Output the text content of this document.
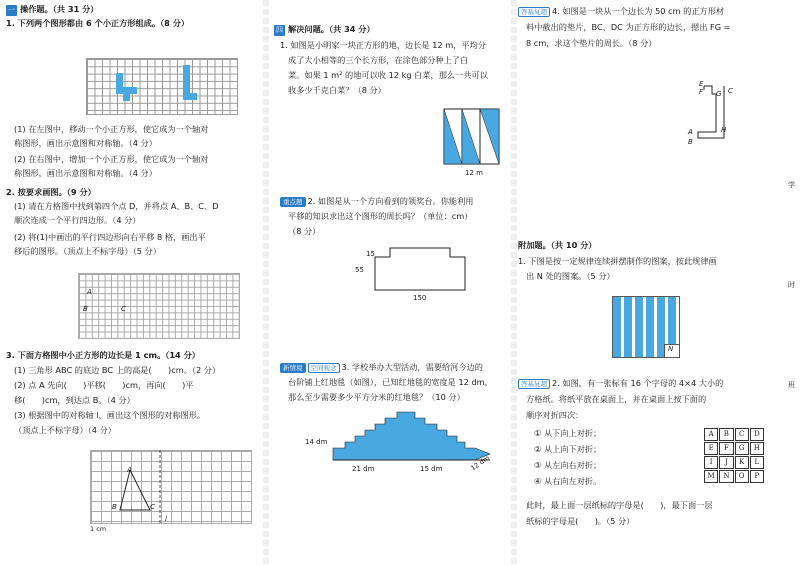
一 操作题。（共 31 分）
1. 下列两个图形都由 6 个小正方形组成。（8 分）
(1) 在左图中，移动一个小正方形，使它成为一个轴对
称图形，画出示意图和对称轴。（4 分）
(2) 在右图中，增加一个小正方形，使它成为一个轴对
称图形，画出示意图和对称轴。（4 分）
2. 按要求画图。（9 分）
(1) 请在方格图中找到第四个点 D，并将点 A、B、C、D
顺次连成一个平行四边形。（4 分）
(2) 将(1)中画出的平行四边形向右平移 8 格，画出平
移后的图形。（顶点上不标字母）（5 分）
A
B	C
3. 下面方格图中小正方形的边长是 1 cm。（14 分）
(1) 三角形 ABC 的底边 BC 上的高是(　　)cm。（2 分）
(2) 点 A 先向(　　)平移(　　)cm，再向(　　)平
移(　　)cm，到达点 B。（4 分）
(3) 根据图中的对称轴 l，画出这个图形的对称图形。
（顶点上不标字母）（4 分）
A
B	C
l
1 cm
四 解决问题。（共 34 分）
1. 如图是小明家一块正方形的地，边长是 12 m，平均分
成了大小相等的三个长方形，在涂色部分种上了白
菜。如果 1 m² 的地可以收 12 kg 白菜，那么一共可以
收多少千克白菜？（8 分）
12 m
重点题 2. 如图是从一个方向看到的领奖台。你能利用
平移的知识求出这个图形的周长吗？（单位：cm）
（8 分）
15
55
150
新情境 空间观念 3. 学校举办大型活动，需要给河今边的
台阶铺上红地毯（如图），已知红地毯的宽度是 12 dm，
那么至少需要多少平方分米的红地毯？（10 分）
14 dm
21 dm	15 dm	12 dm
答基复超 4. 如图是一块从一个边长为 50 cm 的正方形材
料中截出的垫片，BC、DC 为正方形的边长，摁出 FG =
8 cm，求这个垫片的周长。（8 分）
E
F G C
H
A
B
附加题。（共 10 分）
1. 下图是按一定规律连续拼摆制作的图案，按此规律画
出 N 处的图案。（5 分）
N
答基复超 2. 如图，有一张标有 16 个字母的 4×4 大小的
方格纸。将纸平放在桌面上，并在桌面上按下面的
顺序对折四次：
① 从下向上对折；
② 从上向下对折；
③ 从左向右对折；
④ 从右向左对折。
A	B	C	D
E	F	G	H
I	J	K	L
M	N	O	P
此时，最上面一层纸标的字母是(　　)，最下面一层
纸标的字母是(　　)。（5 分）
学
时
班
